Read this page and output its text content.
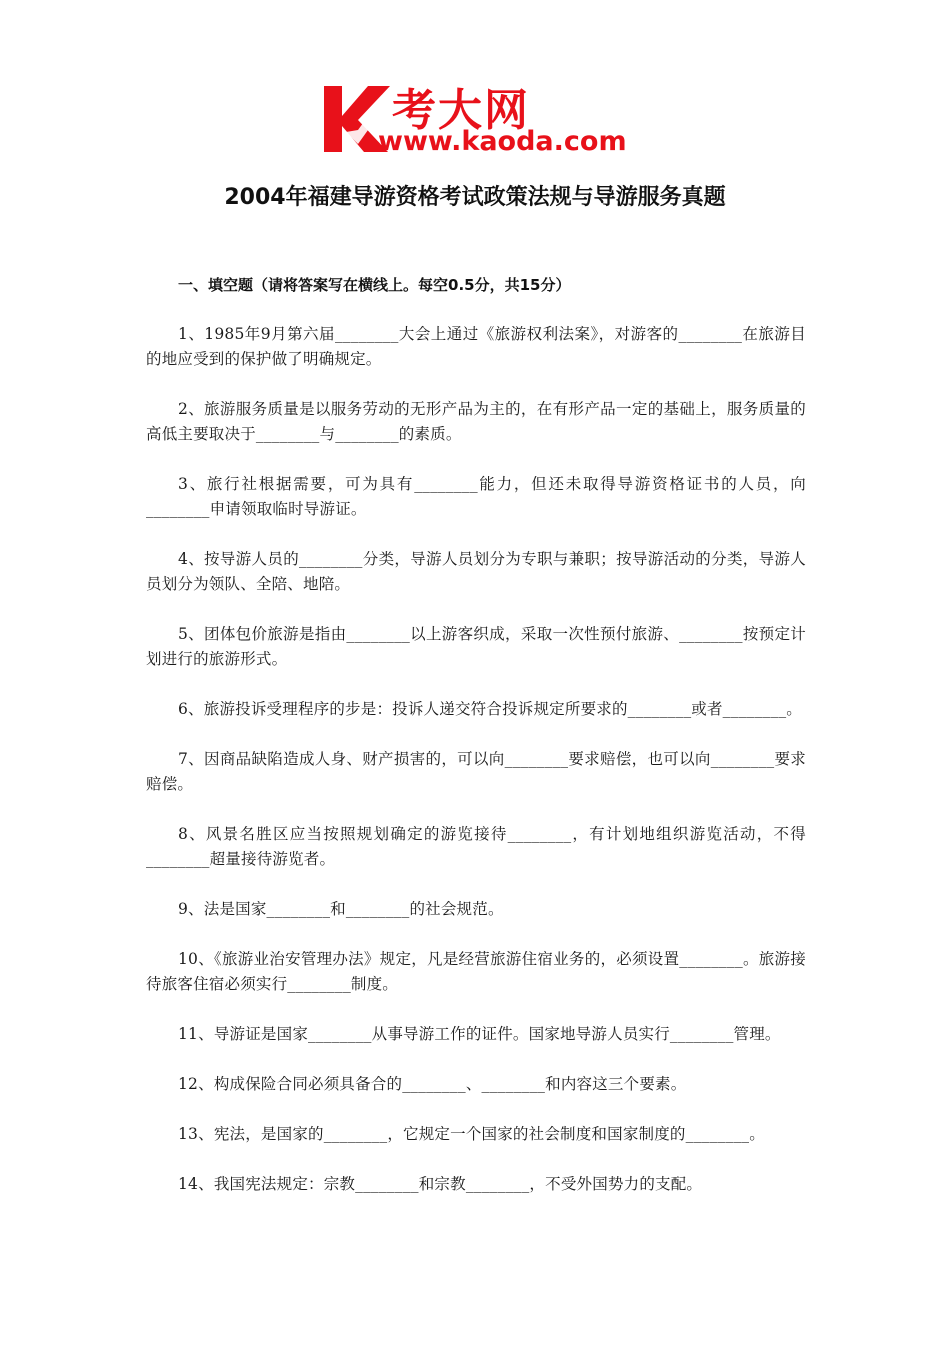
考大网
www.kaoda.com
2004年福建导游资格考试政策法规与导游服务真题
一、填空题（请将答案写在横线上。每空0.5分，共15分）
1、1985年9月第六届________大会上通过《旅游权利法案》，对游客的________在旅游目的地应受到的保护做了明确规定。
2、旅游服务质量是以服务劳动的无形产品为主的，在有形产品一定的基础上，服务质量的高低主要取决于________与________的素质。
3、旅行社根据需要，可为具有________能力，但还未取得导游资格证书的人员，向________申请领取临时导游证。
4、按导游人员的________分类，导游人员划分为专职与兼职；按导游活动的分类，导游人员划分为领队、全陪、地陪。
5、团体包价旅游是指由________以上游客织成，采取一次性预付旅游、________按预定计划进行的旅游形式。
6、旅游投诉受理程序的步是：投诉人递交符合投诉规定所要求的________或者________。
7、因商品缺陷造成人身、财产损害的，可以向________要求赔偿，也可以向________要求赔偿。
8、风景名胜区应当按照规划确定的游览接待________，有计划地组织游览活动，不得________超量接待游览者。
9、法是国家________和________的社会规范。
10、《旅游业治安管理办法》规定，凡是经营旅游住宿业务的，必须设置________。旅游接待旅客住宿必须实行________制度。
11、导游证是国家________从事导游工作的证件。国家地导游人员实行________管理。
12、构成保险合同必须具备合的________、________和内容这三个要素。
13、宪法，是国家的________，它规定一个国家的社会制度和国家制度的________。
14、我国宪法规定：宗教________和宗教________，不受外国势力的支配。
